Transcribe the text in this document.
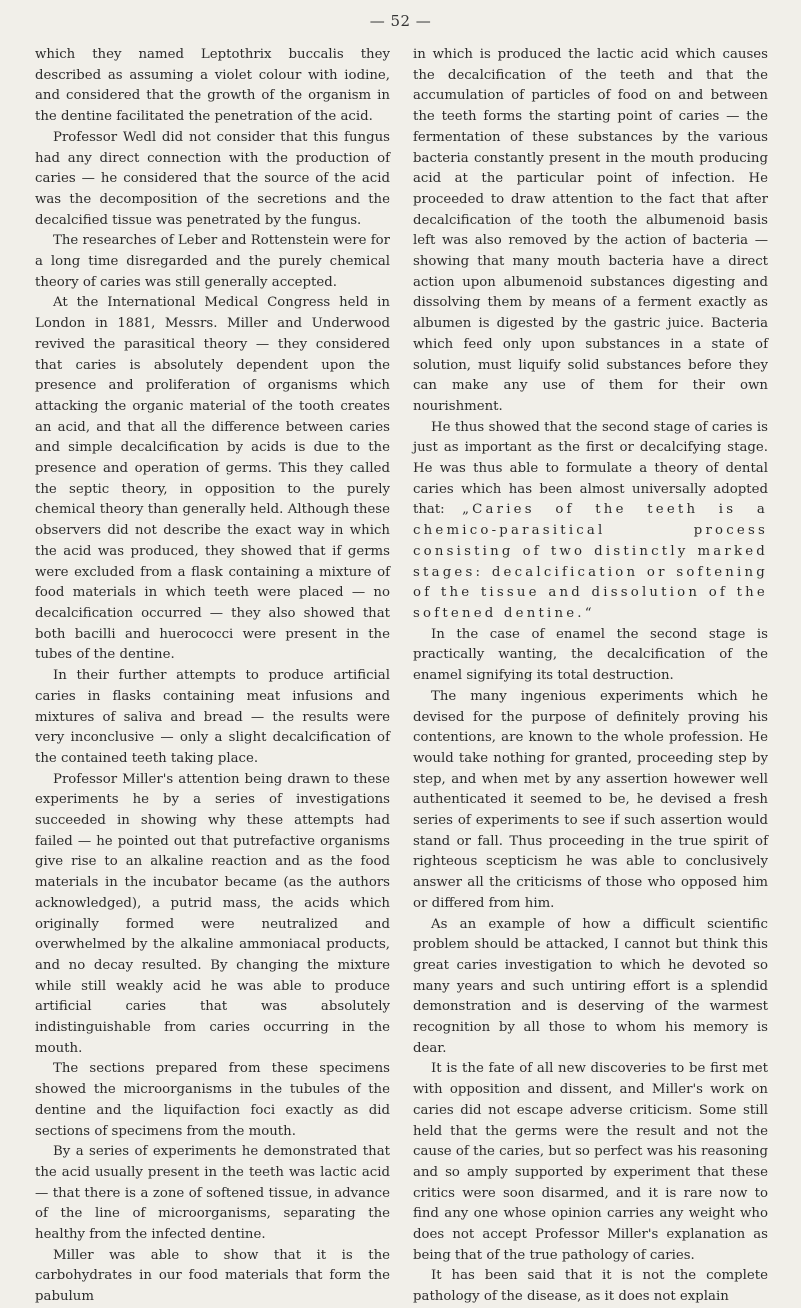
— 52 —

which they named Leptothrix buccalis they described as assuming a violet colour with iodine, and considered that the growth of the organism in the dentine facilitated the penetration of the acid.

Professor Wedl did not consider that this fungus had any direct connection with the production of caries — he considered that the source of the acid was the decomposition of the secretions and the decalcified tissue was penetrated by the fungus.

The researches of Leber and Rottenstein were for a long time disregarded and the purely chemical theory of caries was still generally accepted.

At the International Medical Congress held in London in 1881, Messrs. Miller and Underwood revived the parasitical theory — they considered that caries is absolutely dependent upon the presence and proliferation of organisms which attacking the organic material of the tooth creates an acid, and that all the difference between caries and simple decalcification by acids is due to the presence and operation of germs. This they called the septic theory, in opposition to the purely chemical theory than generally held. Although these observers did not describe the exact way in which the acid was produced, they showed that if germs were excluded from a flask containing a mixture of food materials in which teeth were placed — no decalcification occurred — they also showed that both bacilli and huerococci were present in the tubes of the dentine.

In their further attempts to produce artificial caries in flasks containing meat infusions and mixtures of saliva and bread — the results were very inconclusive — only a slight decalcification of the contained teeth taking place.

Professor Miller's attention being drawn to these experiments he by a series of investigations succeeded in showing why these attempts had failed — he pointed out that putrefactive organisms give rise to an alkaline reaction and as the food materials in the incubator became (as the authors acknowledged), a putrid mass, the acids which originally formed were neutralized and overwhelmed by the alkaline ammoniacal products, and no decay resulted. By changing the mixture while still weakly acid he was able to produce artificial caries that was absolutely indistinguishable from caries occurring in the mouth.

The sections prepared from these specimens showed the microorganisms in the tubules of the dentine and the liquifaction foci exactly as did sections of specimens from the mouth.

By a series of experiments he demonstrated that the acid usually present in the teeth was lactic acid — that there is a zone of softened tissue, in advance of the line of microorganisms, separating the healthy from the infected dentine.

Miller was able to show that it is the carbohydrates in our food materials that form the pabulum

in which is produced the lactic acid which causes the decalcification of the teeth and that the accumulation of particles of food on and between the teeth forms the starting point of caries — the fermentation of these substances by the various bacteria constantly present in the mouth producing acid at the particular point of infection. He proceeded to draw attention to the fact that after decalcification of the tooth the albumenoid basis left was also removed by the action of bacteria — showing that many mouth bacteria have a direct action upon albumenoid substances digesting and dissolving them by means of a ferment exactly as albumen is digested by the gastric juice. Bacteria which feed only upon substances in a state of solution, must liquify solid substances before they can make any use of them for their own nourishment.

He thus showed that the second stage of caries is just as important as the first or decalcifying stage. He was thus able to formulate a theory of dental caries which has been almost universally adopted that: „Caries of the teeth is a chemico-parasitical process consisting of two distinctly marked stages: decalcification or softening of the tissue and dissolution of the softened dentine.“

In the case of enamel the second stage is practically wanting, the decalcification of the enamel signifying its total destruction.

The many ingenious experiments which he devised for the purpose of definitely proving his contentions, are known to the whole profession. He would take nothing for granted, proceeding step by step, and when met by any assertion howewer well authenticated it seemed to be, he devised a fresh series of experiments to see if such assertion would stand or fall. Thus proceeding in the true spirit of righteous scepticism he was able to conclusively answer all the criticisms of those who opposed him or differed from him.

As an example of how a difficult scientific problem should be attacked, I cannot but think this great caries investigation to which he devoted so many years and such untiring effort is a splendid demonstration and is deserving of the warmest recognition by all those to whom his memory is dear.

It is the fate of all new discoveries to be first met with opposition and dissent, and Miller's work on caries did not escape adverse criticism. Some still held that the germs were the result and not the cause of the caries, but so perfect was his reasoning and so amply supported by experiment that these critics were soon disarmed, and it is rare now to find any one whose opinion carries any weight who does not accept Professor Miller's explanation as being that of the true pathology of caries.

It has been said that it is not the complete pathology of the disease, as it does not explain
